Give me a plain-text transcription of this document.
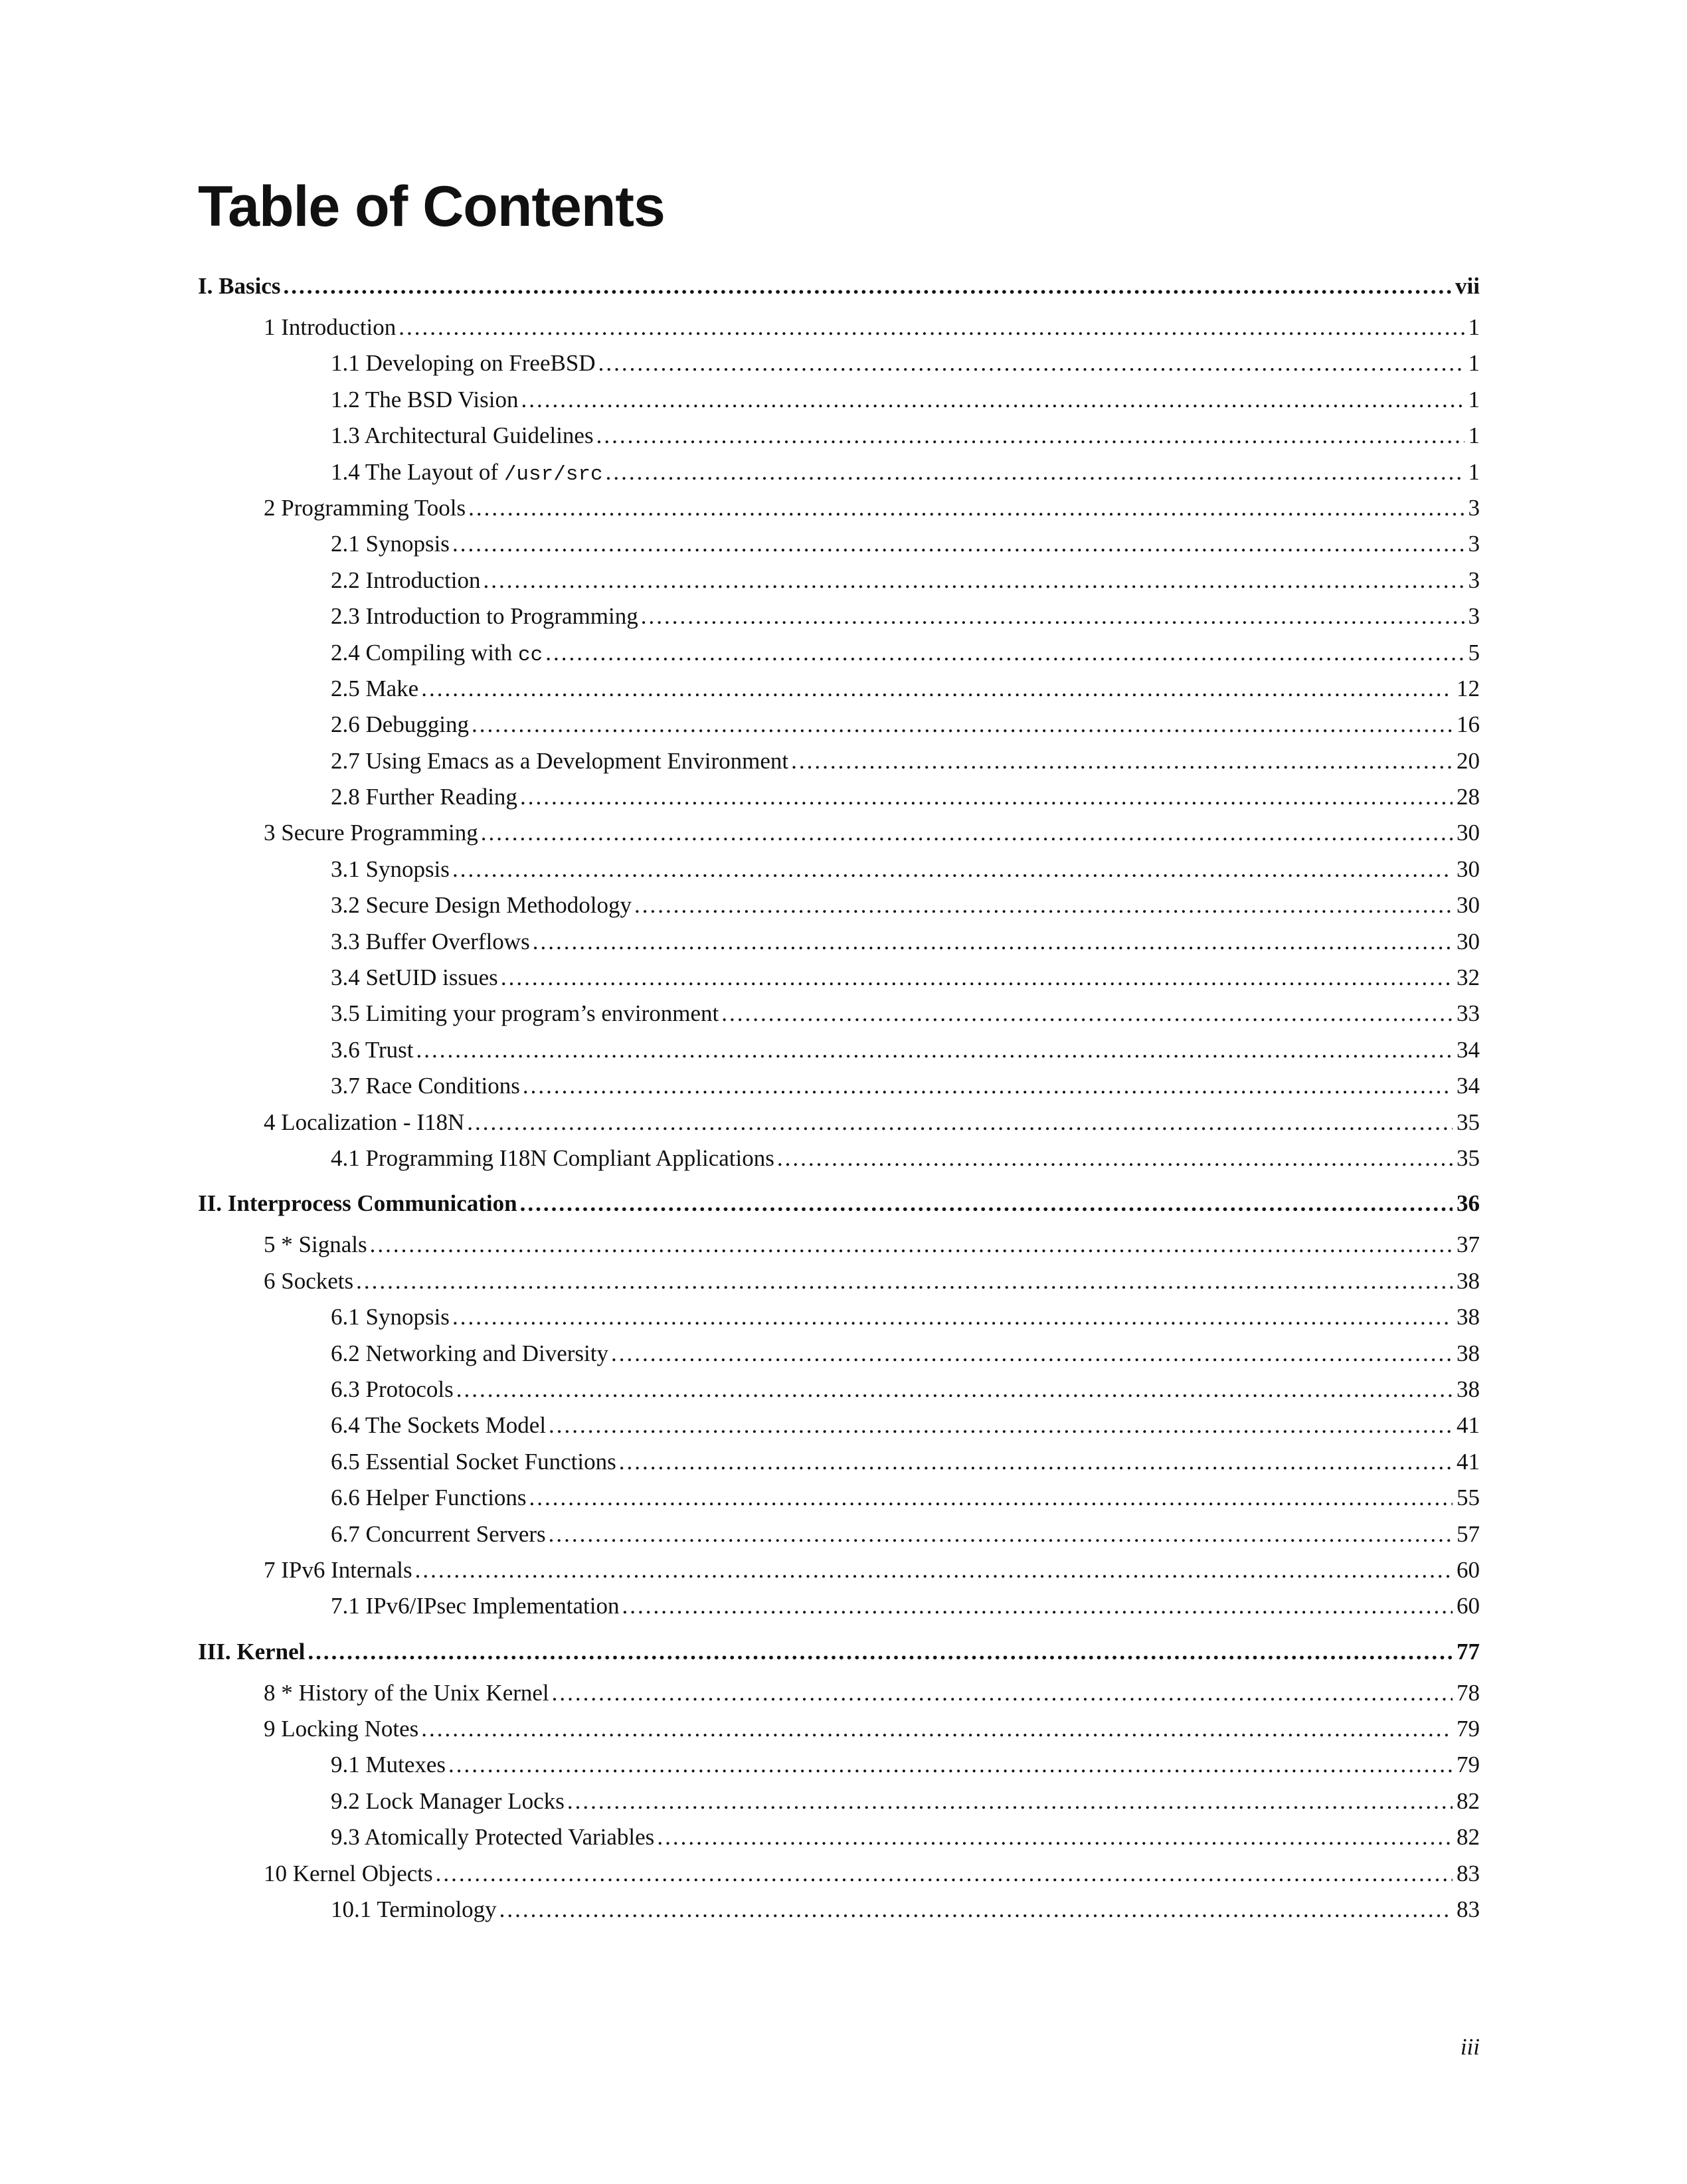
Table of Contents
I. Basics .....	vii
1 Introduction .....	1
1.1 Developing on FreeBSD .....	1
1.2 The BSD Vision .....	1
1.3 Architectural Guidelines .....	1
1.4 The Layout of /usr/src .....	1
2 Programming Tools .....	3
2.1 Synopsis .....	3
2.2 Introduction .....	3
2.3 Introduction to Programming .....	3
2.4 Compiling with cc .....	5
2.5 Make .....	12
2.6 Debugging .....	16
2.7 Using Emacs as a Development Environment .....	20
2.8 Further Reading .....	28
3 Secure Programming .....	30
3.1 Synopsis .....	30
3.2 Secure Design Methodology .....	30
3.3 Buffer Overflows .....	30
3.4 SetUID issues .....	32
3.5 Limiting your program’s environment .....	33
3.6 Trust .....	34
3.7 Race Conditions .....	34
4 Localization - I18N .....	35
4.1 Programming I18N Compliant Applications .....	35
II. Interprocess Communication .....	36
5 * Signals .....	37
6 Sockets .....	38
6.1 Synopsis .....	38
6.2 Networking and Diversity .....	38
6.3 Protocols .....	38
6.4 The Sockets Model .....	41
6.5 Essential Socket Functions .....	41
6.6 Helper Functions .....	55
6.7 Concurrent Servers .....	57
7 IPv6 Internals .....	60
7.1 IPv6/IPsec Implementation .....	60
III. Kernel .....	77
8 * History of the Unix Kernel .....	78
9 Locking Notes .....	79
9.1 Mutexes .....	79
9.2 Lock Manager Locks .....	82
9.3 Atomically Protected Variables .....	82
10 Kernel Objects .....	83
10.1 Terminology .....	83
iii
